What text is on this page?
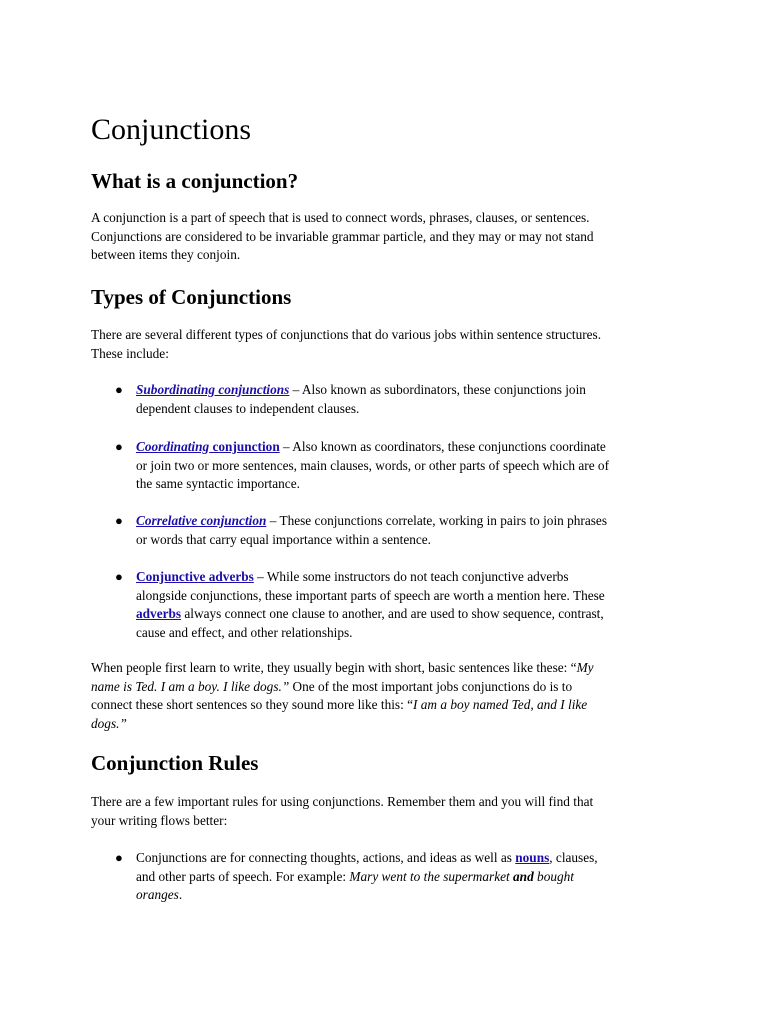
Conjunctions
What is a conjunction?
A conjunction is a part of speech that is used to connect words, phrases, clauses, or sentences.
Conjunctions are considered to be invariable grammar particle, and they may or may not stand
between items they conjoin.
Types of Conjunctions
There are several different types of conjunctions that do various jobs within sentence structures.
These include:
● Subordinating conjunctions – Also known as subordinators, these conjunctions join
dependent clauses to independent clauses.
● Coordinating conjunction – Also known as coordinators, these conjunctions coordinate
or join two or more sentences, main clauses, words, or other parts of speech which are of
the same syntactic importance.
● Correlative conjunction – These conjunctions correlate, working in pairs to join phrases
or words that carry equal importance within a sentence.
● Conjunctive adverbs – While some instructors do not teach conjunctive adverbs
alongside conjunctions, these important parts of speech are worth a mention here. These
adverbs always connect one clause to another, and are used to show sequence, contrast,
cause and effect, and other relationships.
When people first learn to write, they usually begin with short, basic sentences like these: “My
name is Ted. I am a boy. I like dogs.” One of the most important jobs conjunctions do is to
connect these short sentences so they sound more like this: “I am a boy named Ted, and I like
dogs.”
Conjunction Rules
There are a few important rules for using conjunctions. Remember them and you will find that
your writing flows better:
● Conjunctions are for connecting thoughts, actions, and ideas as well as nouns, clauses,
and other parts of speech. For example: Mary went to the supermarket and bought
oranges.
